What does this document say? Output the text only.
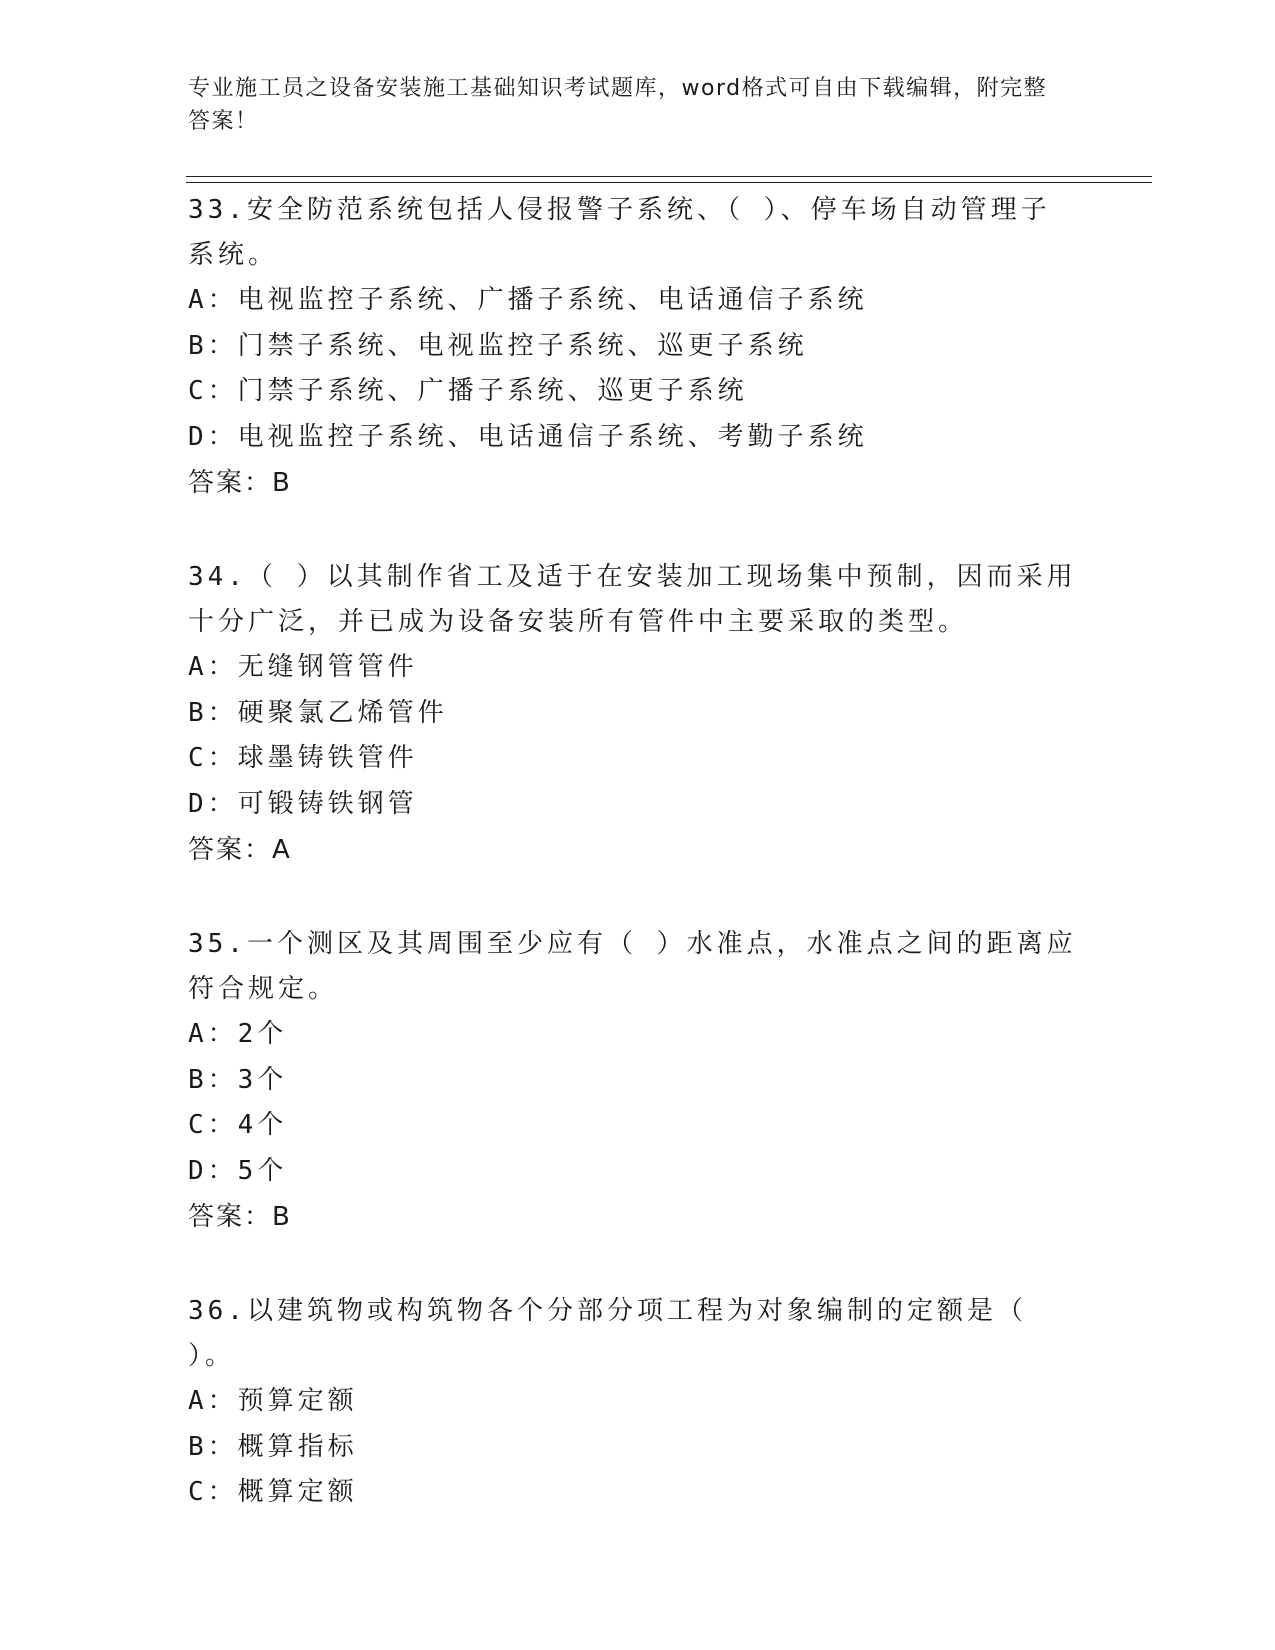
专业施工员之设备安装施工基础知识考试题库，word格式可自由下载编辑，附完整答案！
33.安全防范系统包括人侵报警子系统、（ ）、停车场自动管理子系统。
A：电视监控子系统、广播子系统、电话通信子系统
B：门禁子系统、电视监控子系统、巡更子系统
C：门禁子系统、广播子系统、巡更子系统
D：电视监控子系统、电话通信子系统、考勤子系统
答案：B
34.（ ）以其制作省工及适于在安装加工现场集中预制，因而采用十分广泛，并已成为设备安装所有管件中主要采取的类型。
A：无缝钢管管件
B：硬聚氯乙烯管件
C：球墨铸铁管件
D：可锻铸铁钢管
答案：A
35.一个测区及其周围至少应有（ ）水准点，水准点之间的距离应符合规定。
A：2个
B：3个
C：4个
D：5个
答案：B
36.以建筑物或构筑物各个分部分项工程为对象编制的定额是（ ）。
A：预算定额
B：概算指标
C：概算定额
